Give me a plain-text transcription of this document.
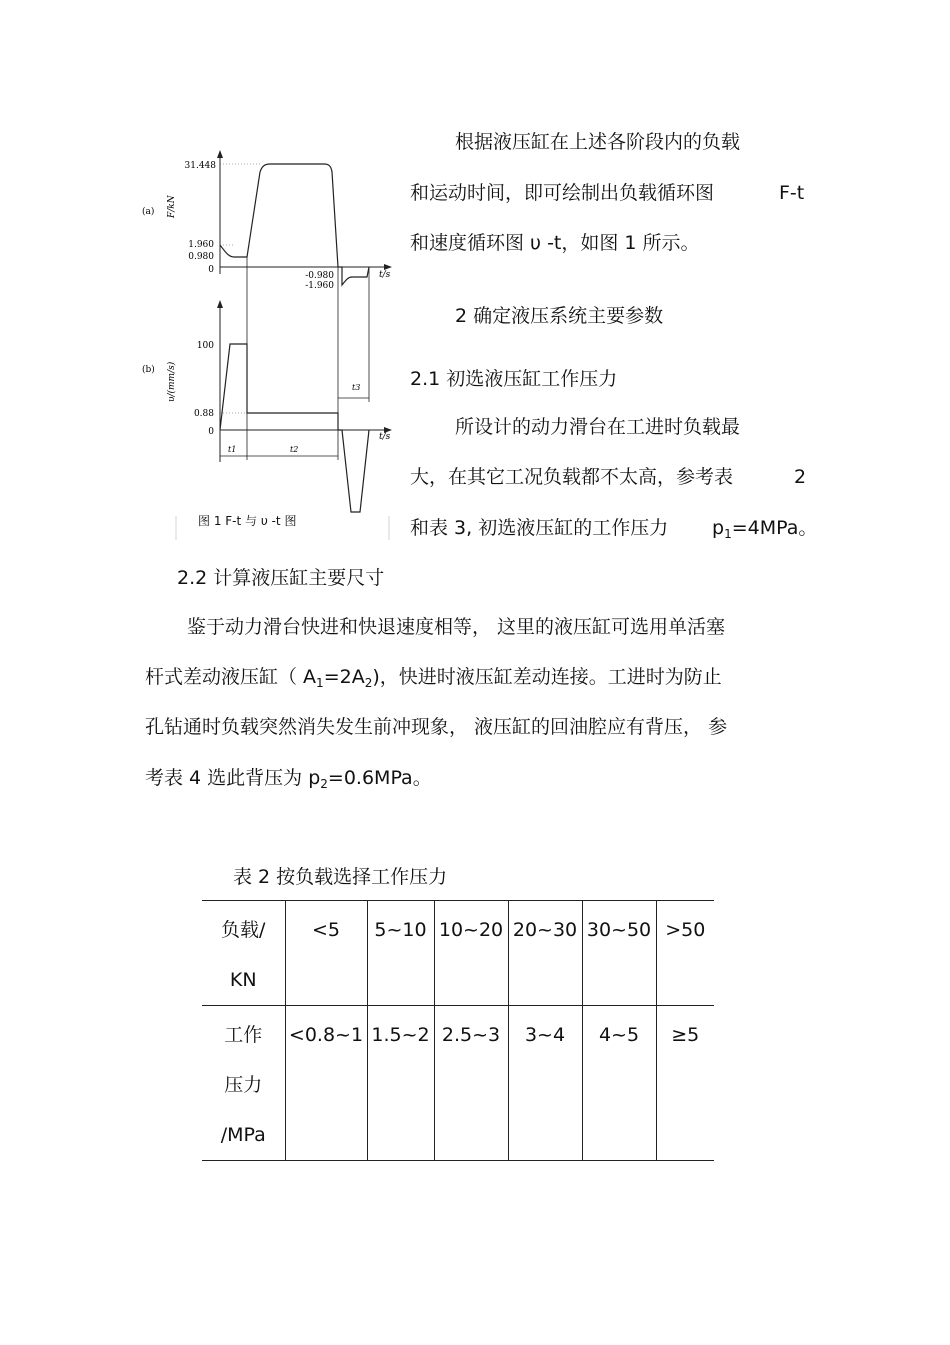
(a) F/kN
31.448
1.960
0.980
0
-0.980
-1.960
t/s
t3
t1	t2
(b) υ/(mm/s)
100
0.88
0	t/s
图 1 F-t 与 υ -t 图
根据液压缸在上述各阶段内的负载
和运动时间，即可绘制出负载循环图	F-t
和速度循环图 υ -t，如图 1 所示。
2 确定液压系统主要参数
2.1 初选液压缸工作压力
所设计的动力滑台在工进时负载最
大，在其它工况负载都不太高，参考表	2
和表 3, 初选液压缸的工作压力 $p_1=4MPa$。
2.2 计算液压缸主要尺寸
鉴于动力滑台快进和快退速度相等， 这里的液压缸可选用单活塞
杆式差动液压缸（ $A_1=2A_2$)，快进时液压缸差动连接。工进时为防止
孔钻通时负载突然消失发生前冲现象， 液压缸的回油腔应有背压， 参
考表 4 选此背压为 $p_2=0.6MPa$。
表 2 按负载选择工作压力
负载/
KN	<5	5~10	10~20	20~30	30~50	>50
工作
压力
/MPa	<0.8~1	1.5~2	2.5~3	3~4	4~5	≥5
